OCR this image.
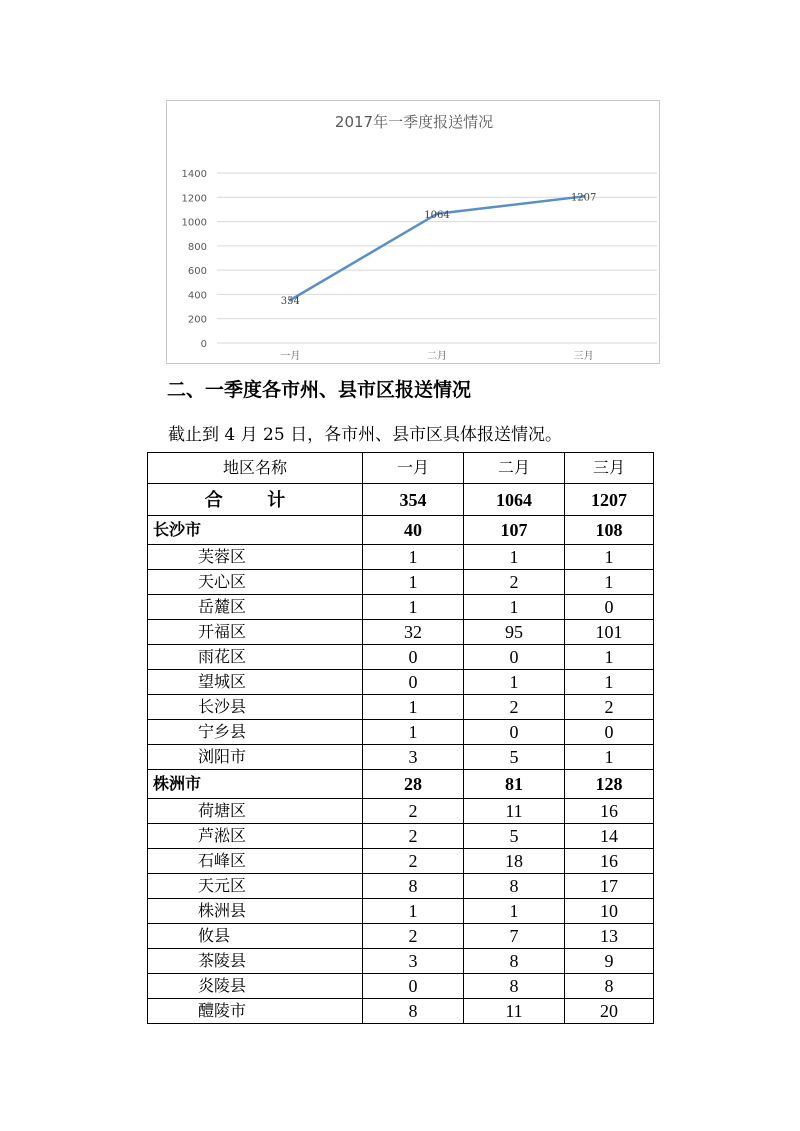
2017年一季度报送情况
0
200
400
600
800
1000
1200
1400
一月	二月	三月
354
1064
1207
二、一季度各市州、县市区报送情况
截止到 4 月 25 日，各市州、县市区具体报送情况。
地区名称	一月	二月	三月
合 计	354	1064	1207
长沙市	40	107	108
芙蓉区	1	1	1
天心区	1	2	1
岳麓区	1	1	0
开福区	32	95	101
雨花区	0	0	1
望城区	0	1	1
长沙县	1	2	2
宁乡县	1	0	0
浏阳市	3	5	1
株洲市	28	81	128
荷塘区	2	11	16
芦淞区	2	5	14
石峰区	2	18	16
天元区	8	8	17
株洲县	1	1	10
攸县	2	7	13
茶陵县	3	8	9
炎陵县	0	8	8
醴陵市	8	11	20
